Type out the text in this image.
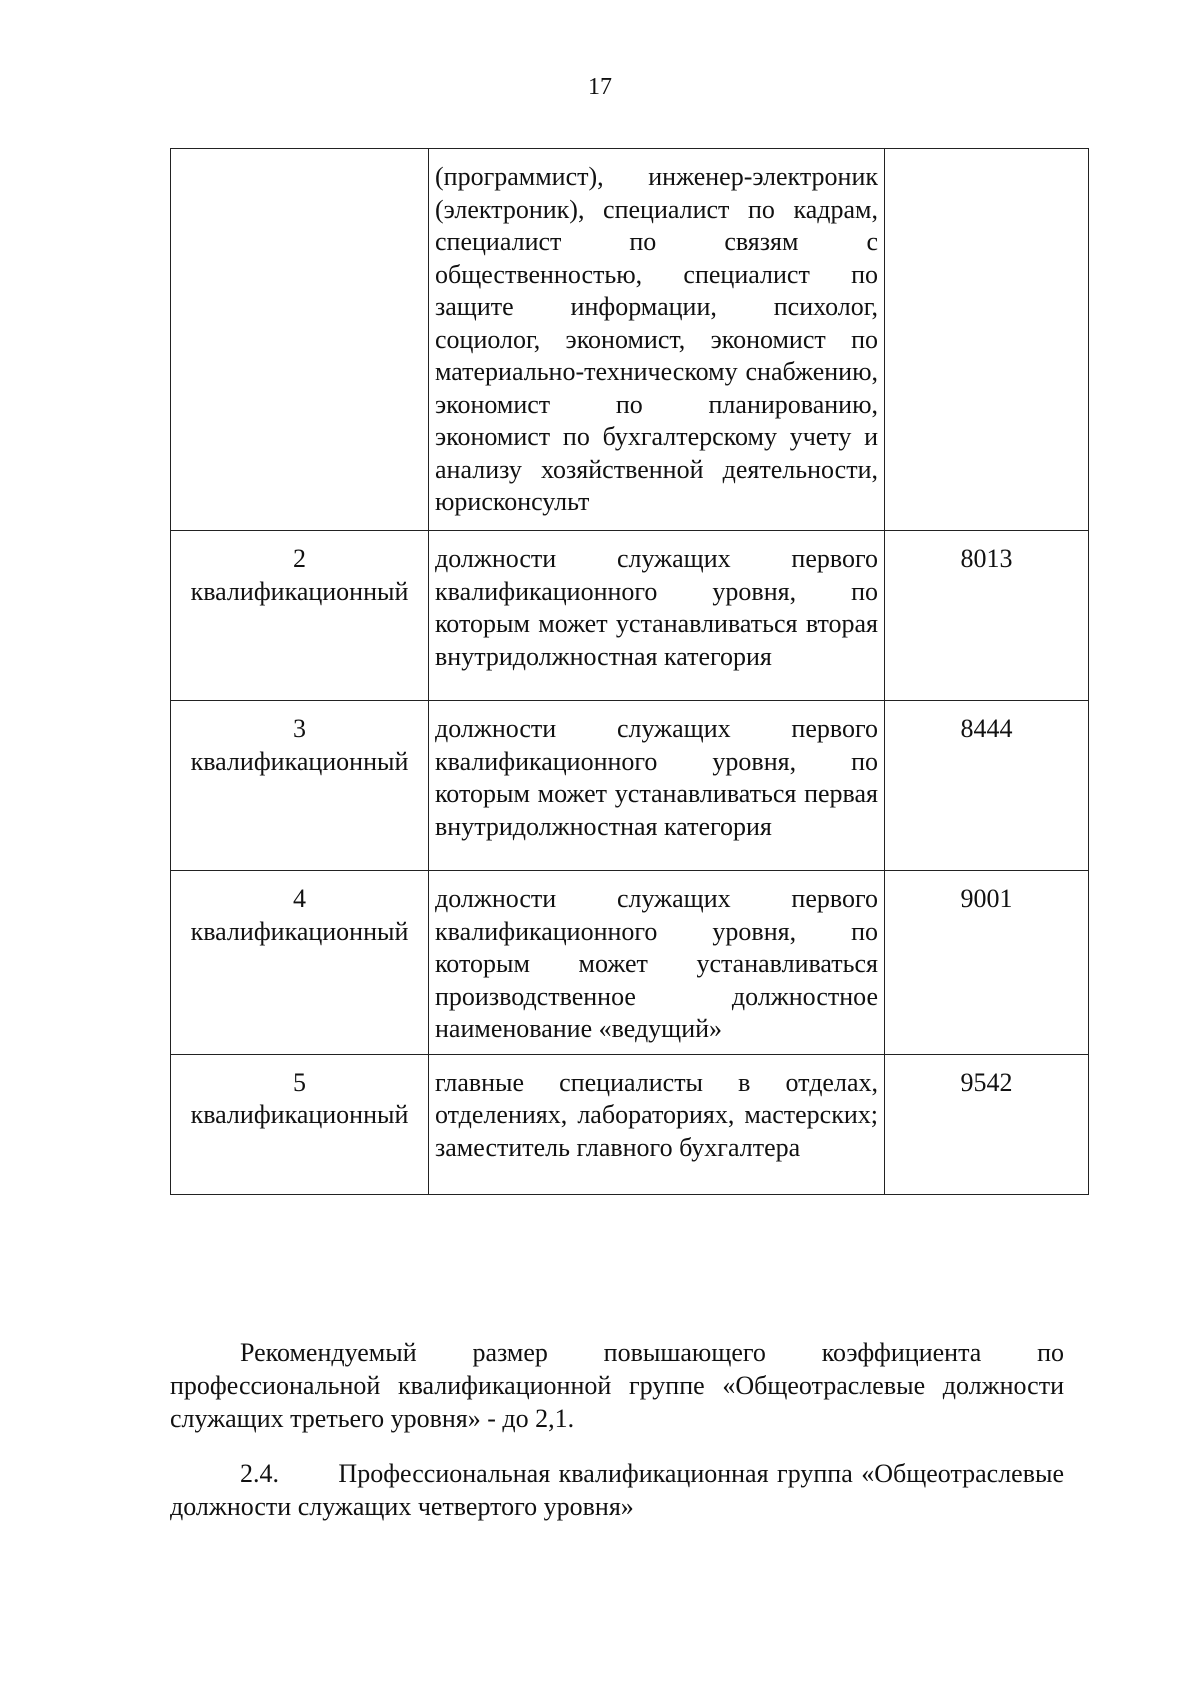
17
	(программист), инженер-электроник (электроник), специалист по кадрам, специалист по связям с общественностью, специалист по защите информации, психолог, социолог, экономист, экономист по материально-техническому снабжению, экономист по планированию, экономист по бухгалтерскому учету и анализу хозяйственной деятельности, юрисконсульт	

2
квалификационный	должности служащих первого квалификационного уровня, по которым может устанавливаться вторая внутридолжностная категория	8013

3
квалификационный	должности служащих первого квалификационного уровня, по которым может устанавливаться первая внутридолжностная категория	8444

4
квалификационный	должности служащих первого квалификационного уровня, по которым может устанавливаться производственное должностное наименование «ведущий»	9001

5
квалификационный	главные специалисты в отделах, отделениях, лабораториях, мастерских; заместитель главного бухгалтера	9542

Рекомендуемый размер повышающего коэффициента по профессиональной квалификационной группе «Общеотраслевые должности служащих третьего уровня» - до 2,1.

2.4. Профессиональная квалификационная группа «Общеотраслевые должности служащих четвертого уровня»
